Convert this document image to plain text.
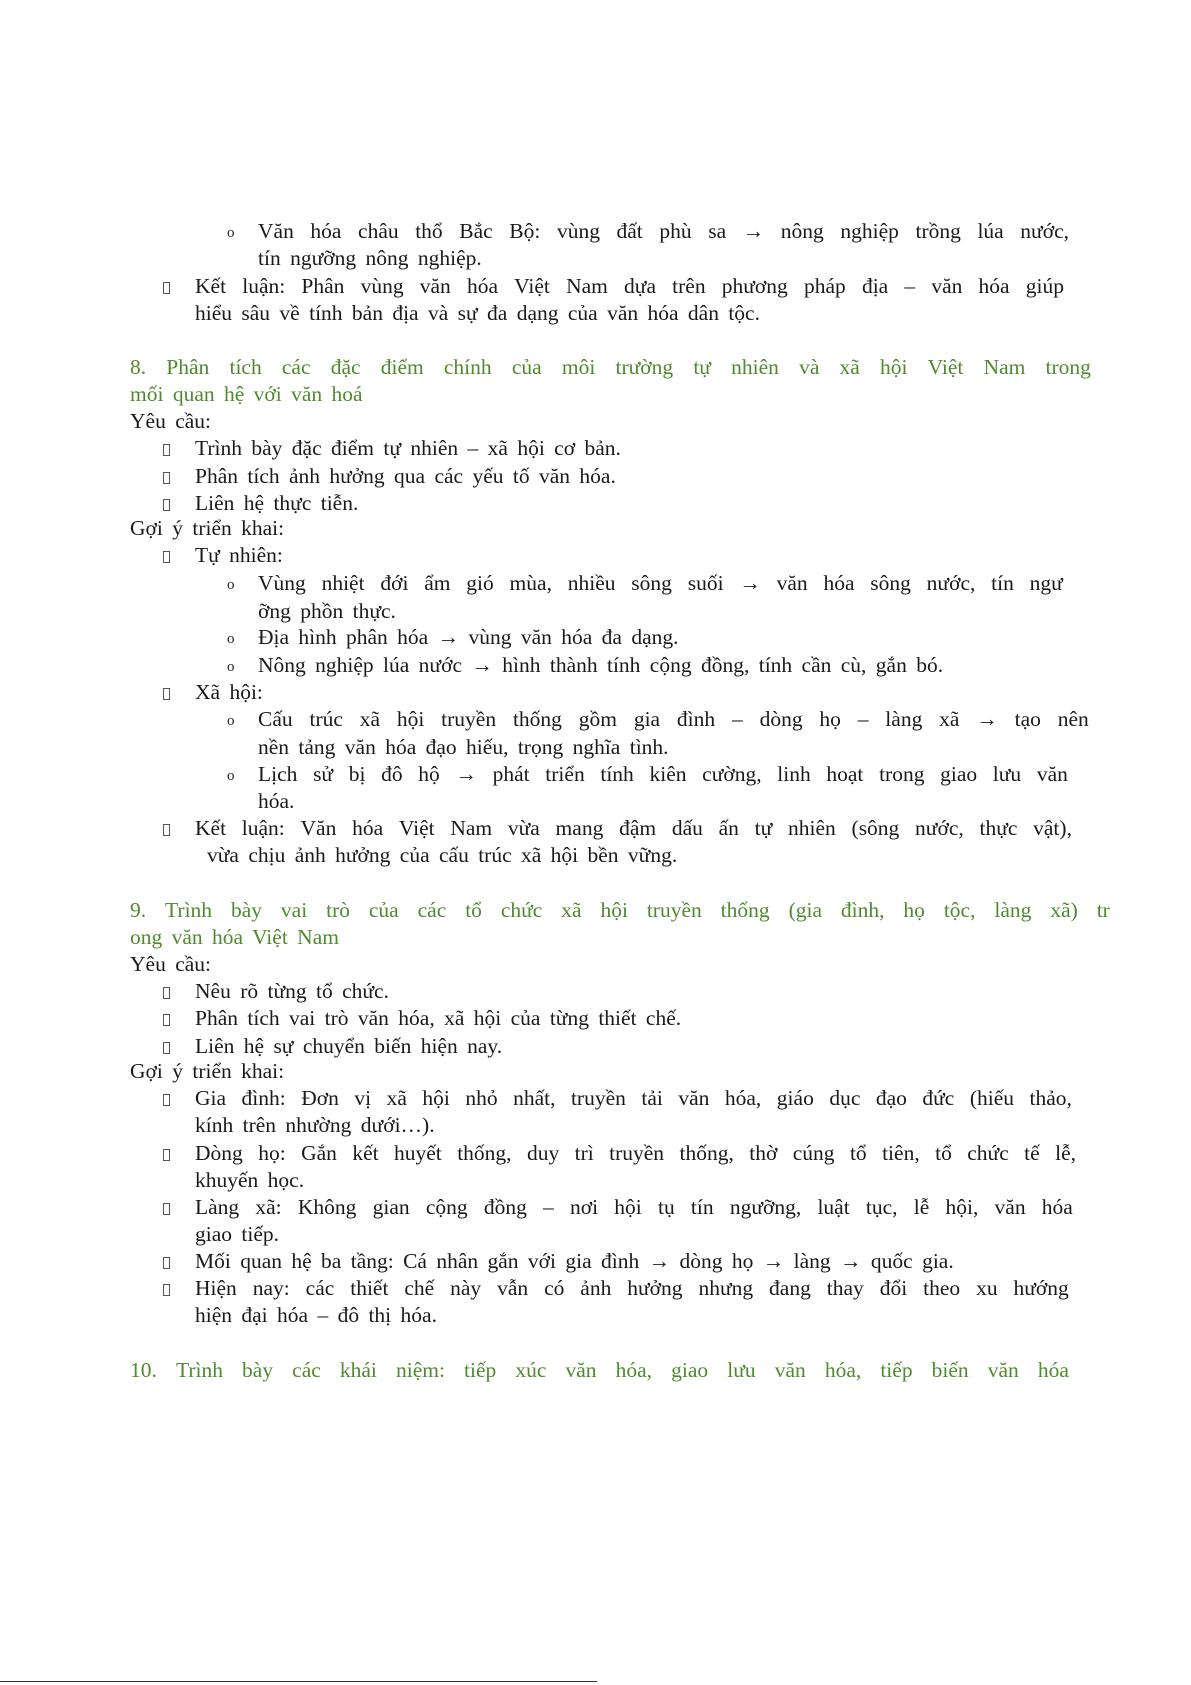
o Văn hóa châu thổ Bắc Bộ: vùng đất phù sa → nông nghiệp trồng lúa nước,
tín ngưỡng nông nghiệp.
Kết luận: Phân vùng văn hóa Việt Nam dựa trên phương pháp địa – văn hóa giúp
hiểu sâu về tính bản địa và sự đa dạng của văn hóa dân tộc.
8. Phân tích các đặc điểm chính của môi trường tự nhiên và xã hội Việt Nam trong
mối quan hệ với văn hoá
Yêu cầu:
Trình bày đặc điểm tự nhiên – xã hội cơ bản.
Phân tích ảnh hưởng qua các yếu tố văn hóa.
Liên hệ thực tiễn.
Gợi ý triển khai:
Tự nhiên:
o Vùng nhiệt đới ẩm gió mùa, nhiều sông suối → văn hóa sông nước, tín ngư
ỡng phồn thực.
o Địa hình phân hóa → vùng văn hóa đa dạng.
o Nông nghiệp lúa nước → hình thành tính cộng đồng, tính cần cù, gắn bó.
Xã hội:
o Cấu trúc xã hội truyền thống gồm gia đình – dòng họ – làng xã → tạo nên
nền tảng văn hóa đạo hiếu, trọng nghĩa tình.
o Lịch sử bị đô hộ → phát triển tính kiên cường, linh hoạt trong giao lưu văn
hóa.
Kết luận: Văn hóa Việt Nam vừa mang đậm dấu ấn tự nhiên (sông nước, thực vật),
vừa chịu ảnh hưởng của cấu trúc xã hội bền vững.
9. Trình bày vai trò của các tổ chức xã hội truyền thống (gia đình, họ tộc, làng xã) tr
ong văn hóa Việt Nam
Yêu cầu:
Nêu rõ từng tổ chức.
Phân tích vai trò văn hóa, xã hội của từng thiết chế.
Liên hệ sự chuyển biến hiện nay.
Gợi ý triển khai:
Gia đình: Đơn vị xã hội nhỏ nhất, truyền tải văn hóa, giáo dục đạo đức (hiếu thảo,
kính trên nhường dưới…).
Dòng họ: Gắn kết huyết thống, duy trì truyền thống, thờ cúng tổ tiên, tổ chức tế lễ,
khuyến học.
Làng xã: Không gian cộng đồng – nơi hội tụ tín ngưỡng, luật tục, lễ hội, văn hóa
giao tiếp.
Mối quan hệ ba tầng: Cá nhân gắn với gia đình → dòng họ → làng → quốc gia.
Hiện nay: các thiết chế này vẫn có ảnh hưởng nhưng đang thay đổi theo xu hướng
hiện đại hóa – đô thị hóa.
10. Trình bày các khái niệm: tiếp xúc văn hóa, giao lưu văn hóa, tiếp biến văn hóa
